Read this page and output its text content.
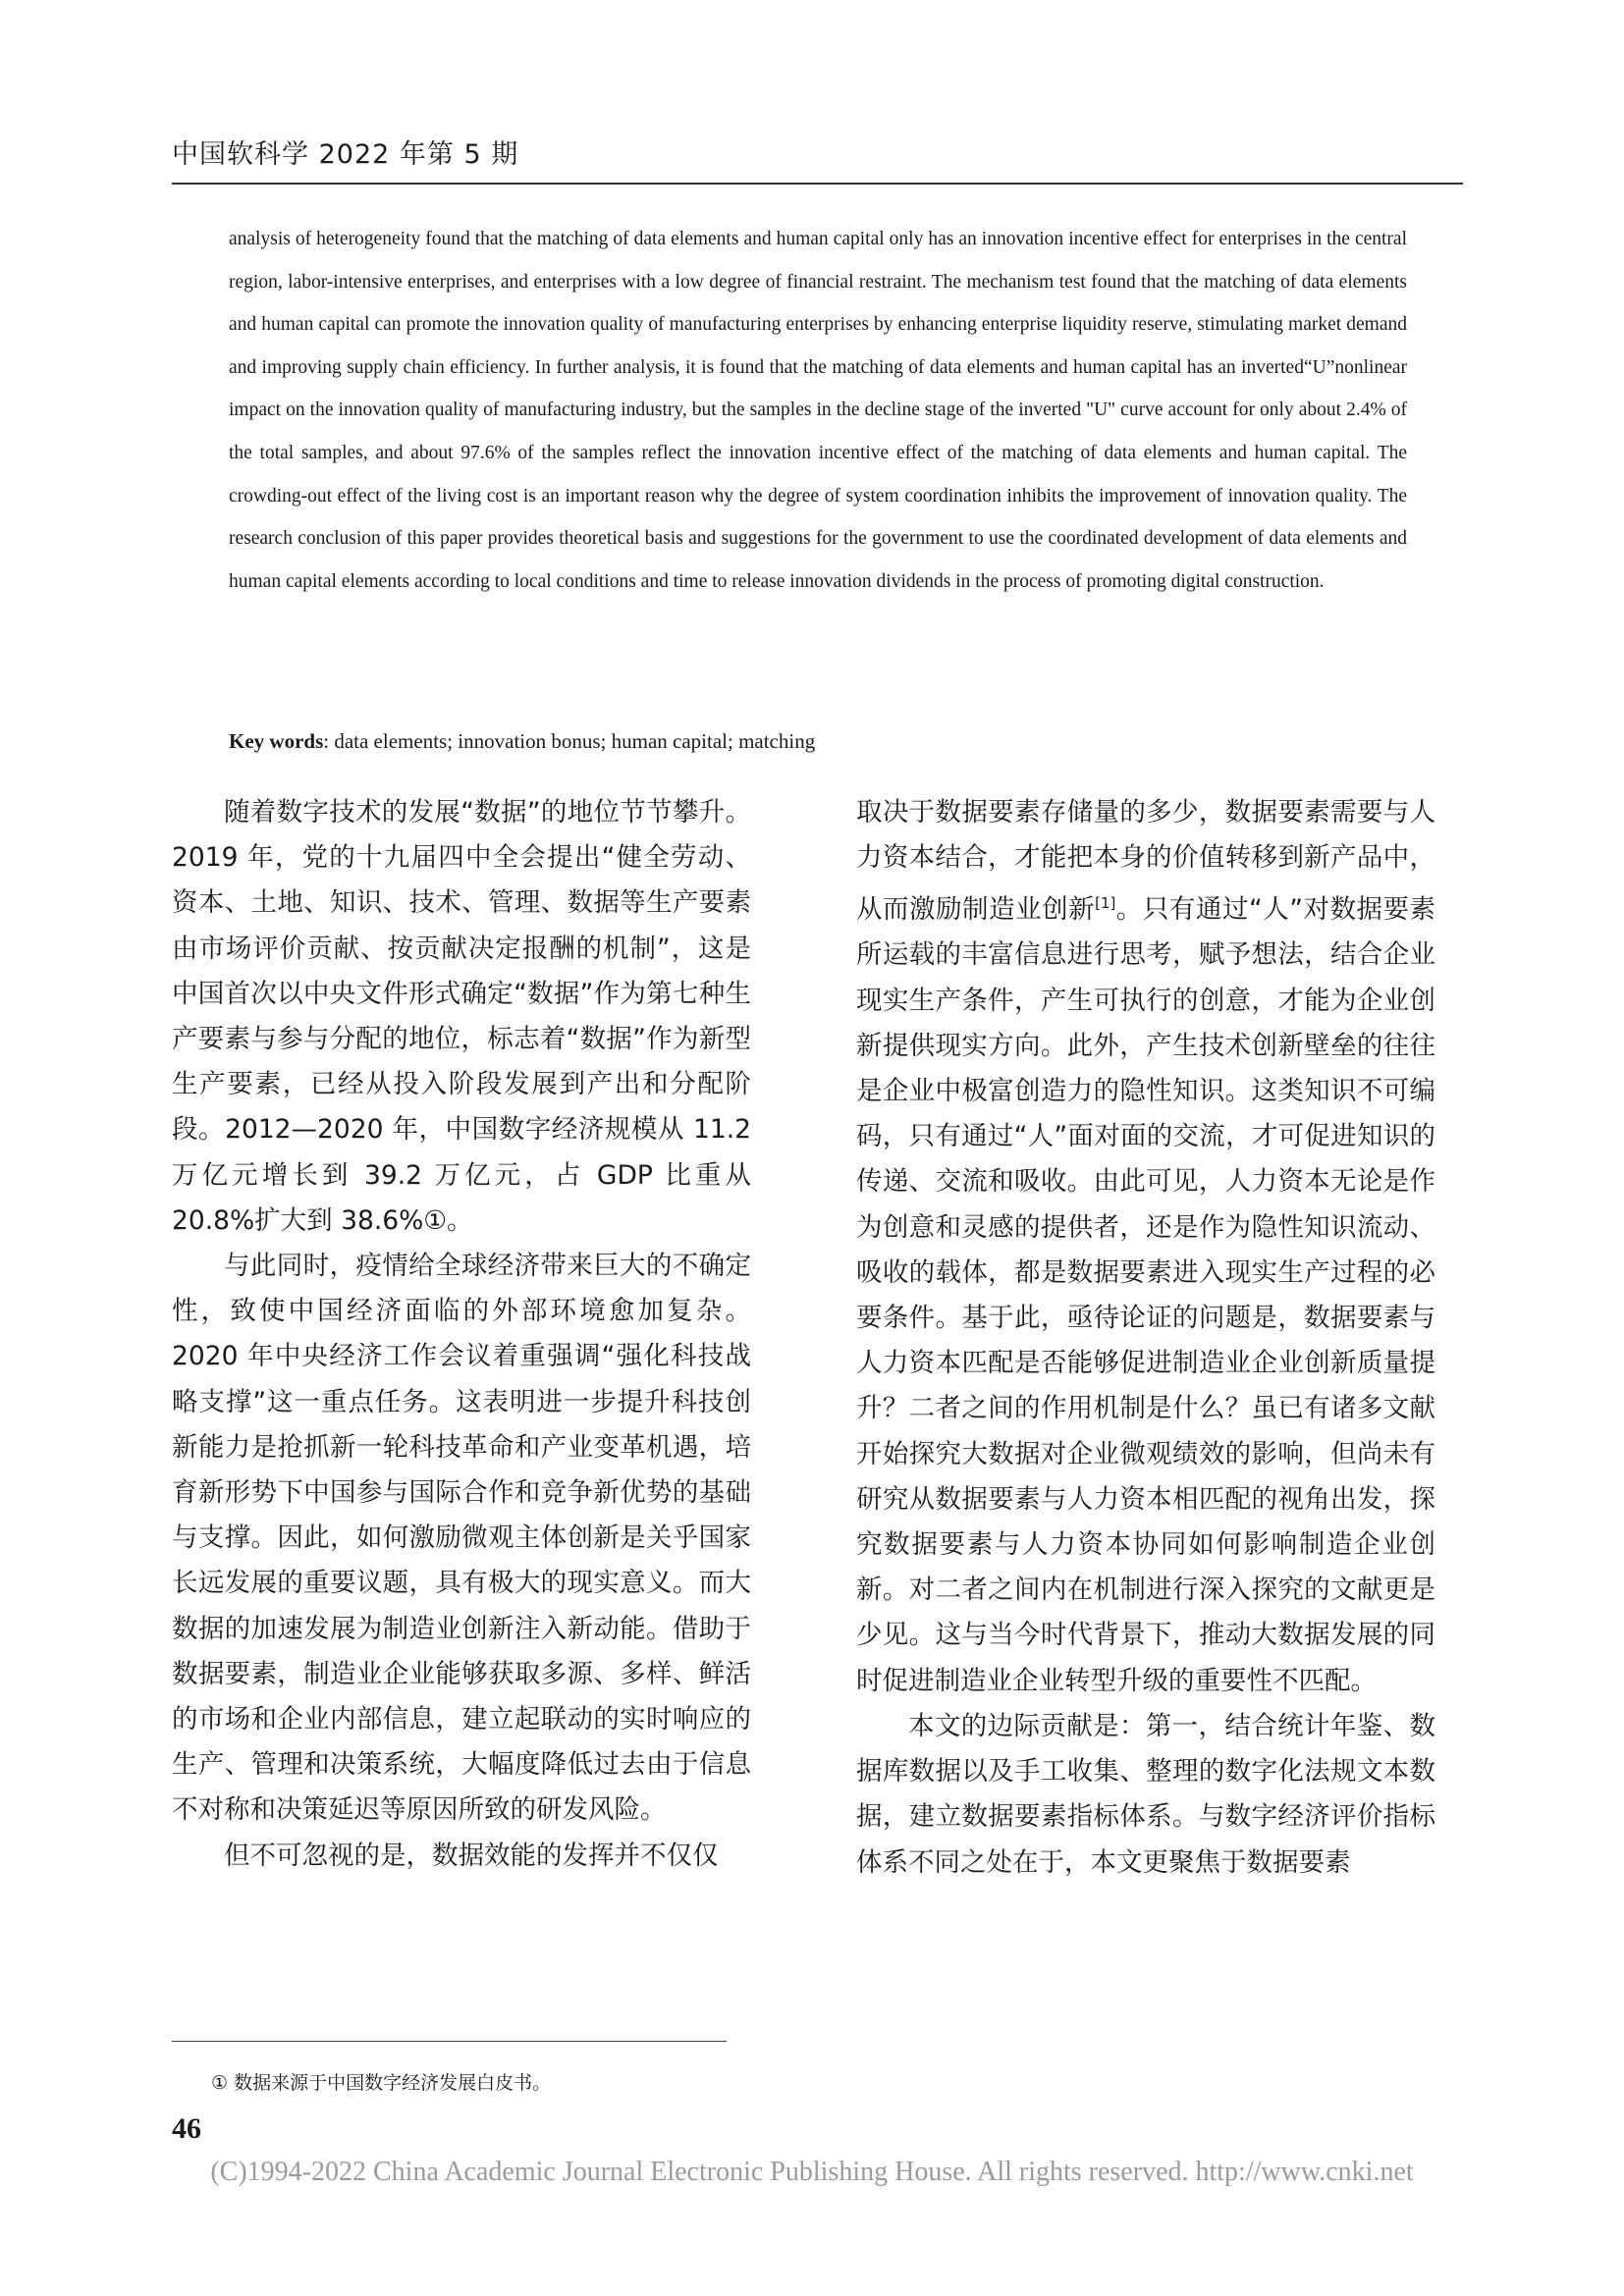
中国软科学 2022 年第 5 期

analysis of heterogeneity found that the matching of data elements and human capital only has an innovation incentive effect for enterprises in the central region, labor-intensive enterprises, and enterprises with a low degree of financial restraint. The mechanism test found that the matching of data elements and human capital can promote the innovation quality of manufacturing enterprises by enhancing enterprise liquidity reserve, stimulating market demand and improving supply chain efficiency. In further analysis, it is found that the matching of data elements and human capital has an inverted“U”nonlinear impact on the innovation quality of manufacturing industry, but the samples in the decline stage of the inverted "U" curve account for only about 2.4% of the total samples, and about 97.6% of the samples reflect the innovation incentive effect of the matching of data elements and human capital. The crowding-out effect of the living cost is an important reason why the degree of system coordination inhibits the improvement of innovation quality. The research conclusion of this paper provides theoretical basis and suggestions for the government to use the coordinated development of data elements and human capital elements according to local conditions and time to release innovation dividends in the process of promoting digital construction.

Key words: data elements; innovation bonus; human capital; matching

随着数字技术的发展“数据”的地位节节攀升。2019 年，党的十九届四中全会提出“健全劳动、资本、土地、知识、技术、管理、数据等生产要素由市场评价贡献、按贡献决定报酬的机制”，这是中国首次以中央文件形式确定“数据”作为第七种生产要素与参与分配的地位，标志着“数据”作为新型生产要素，已经从投入阶段发展到产出和分配阶段。2012—2020 年，中国数字经济规模从 11.2 万亿元增长到 39.2 万亿元，占 GDP 比重从 20.8%扩大到 38.6%①。

与此同时，疫情给全球经济带来巨大的不确定性，致使中国经济面临的外部环境愈加复杂。2020 年中央经济工作会议着重强调“强化科技战略支撑”这一重点任务。这表明进一步提升科技创新能力是抢抓新一轮科技革命和产业变革机遇，培育新形势下中国参与国际合作和竞争新优势的基础与支撑。因此，如何激励微观主体创新是关乎国家长远发展的重要议题，具有极大的现实意义。而大数据的加速发展为制造业创新注入新动能。借助于数据要素，制造业企业能够获取多源、多样、鲜活的市场和企业内部信息，建立起联动的实时响应的生产、管理和决策系统，大幅度降低过去由于信息不对称和决策延迟等原因所致的研发风险。

但不可忽视的是，数据效能的发挥并不仅仅

取决于数据要素存储量的多少，数据要素需要与人力资本结合，才能把本身的价值转移到新产品中，从而激励制造业创新[1]。只有通过“人”对数据要素所运载的丰富信息进行思考，赋予想法，结合企业现实生产条件，产生可执行的创意，才能为企业创新提供现实方向。此外，产生技术创新壁垒的往往是企业中极富创造力的隐性知识。这类知识不可编码，只有通过“人”面对面的交流，才可促进知识的传递、交流和吸收。由此可见，人力资本无论是作为创意和灵感的提供者，还是作为隐性知识流动、吸收的载体，都是数据要素进入现实生产过程的必要条件。基于此，亟待论证的问题是，数据要素与人力资本匹配是否能够促进制造业企业创新质量提升？二者之间的作用机制是什么？虽已有诸多文献开始探究大数据对企业微观绩效的影响，但尚未有研究从数据要素与人力资本相匹配的视角出发，探究数据要素与人力资本协同如何影响制造企业创新。对二者之间内在机制进行深入探究的文献更是少见。这与当今时代背景下，推动大数据发展的同时促进制造业企业转型升级的重要性不匹配。

本文的边际贡献是：第一，结合统计年鉴、数据库数据以及手工收集、整理的数字化法规文本数据，建立数据要素指标体系。与数字经济评价指标体系不同之处在于，本文更聚焦于数据要素

① 数据来源于中国数字经济发展白皮书。
46
(C)1994-2022 China Academic Journal Electronic Publishing House. All rights reserved. http://www.cnki.net
